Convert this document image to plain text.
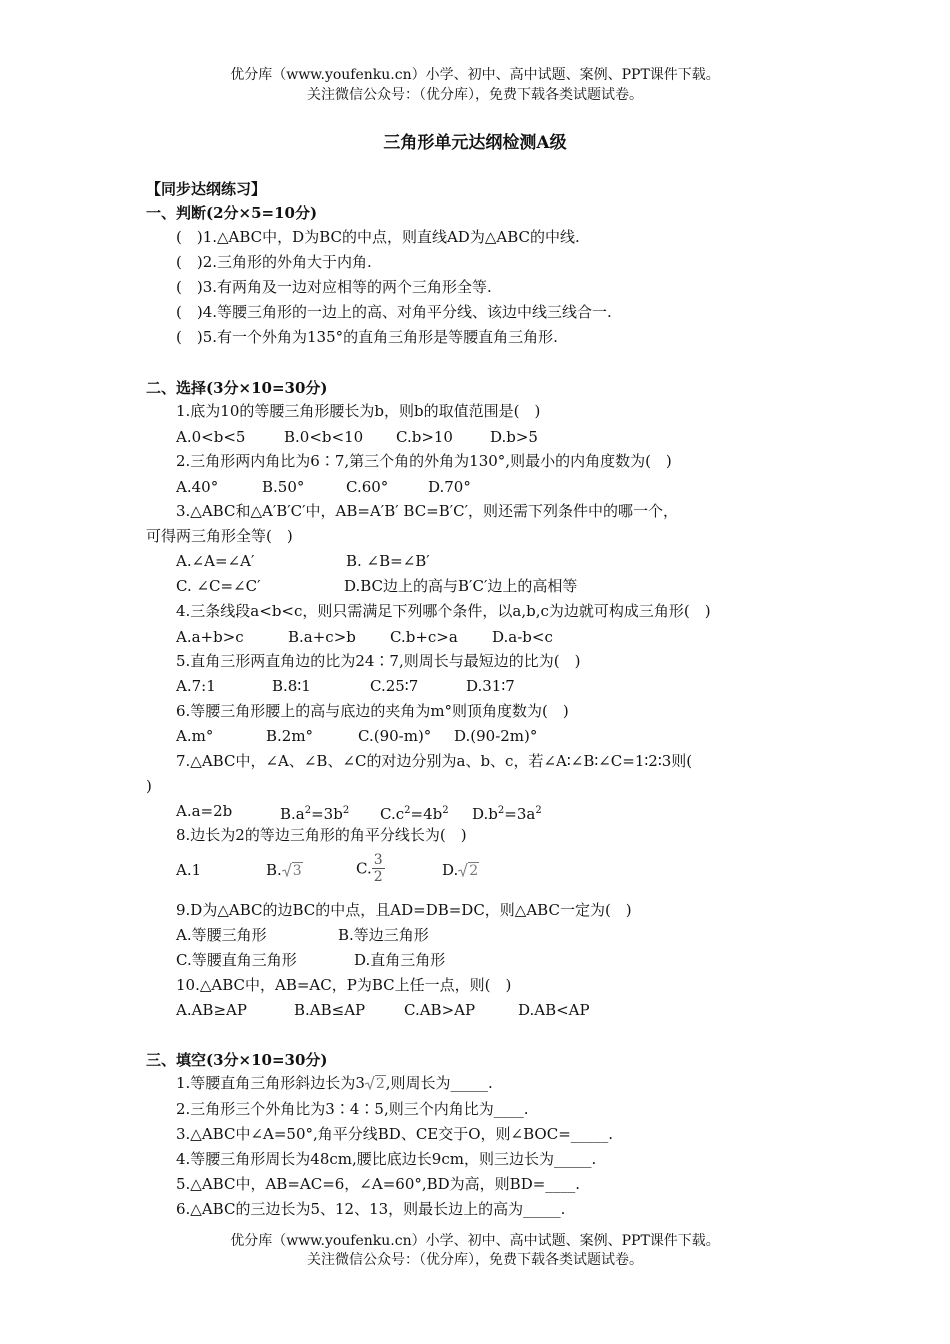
优分库（www.youfenku.cn）小学、初中、高中试题、案例、PPT课件下载。
关注微信公众号：（优分库），免费下载各类试题试卷。
三角形单元达纲检测A级
【同步达纲练习】
一、判断(2分×5=10分)
(　)1.△ABC中，D为BC的中点，则直线AD为△ABC的中线.
(　)2.三角形的外角大于内角.
(　)3.有两角及一边对应相等的两个三角形全等.
(　)4.等腰三角形的一边上的高、对角平分线、该边中线三线合一.
(　)5.有一个外角为135°的直角三角形是等腰直角三角形.
二、选择(3分×10=30分)
1.底为10的等腰三角形腰长为b，则b的取值范围是(　)
A.0<b<5	B.0<b<10 C.b>10 D.b>5
2.三角形两内角比为6∶7,第三个角的外角为130°,则最小的内角度数为(　)
A.40°	B.50°	C.60°	D.70°
3.△ABC和△A′B′C′中，AB=A′B′ BC=B′C′，则还需下列条件中的哪一个，
可得两三角形全等(　)
A.∠A=∠A′	B. ∠B=∠B′
C. ∠C=∠C′	D.BC边上的高与B′C′边上的高相等
4.三条线段a<b<c，则只需满足下列哪个条件，以a,b,c为边就可构成三角形(　)
A.a+b>c	B.a+c>b C.b+c>a D.a-b<c
5.直角三形两直角边的比为24∶7,则周长与最短边的比为(　)
A.7:1	B.8∶1	C.25∶7	D.31∶7
6.等腰三角形腰上的高与底边的夹角为m°则顶角度数为(　)
A.m°	B.2m°	C.(90-m)° D.(90-2m)°
7.△ABC中，∠A、∠B、∠C的对边分别为a、b、c，若∠A∶∠B∶∠C=1∶2∶3则(
)
A.a=2b	$B.a^2=3b^2$ $C.c^2=4b^2$ $D.b^2=3a^2$
8.边长为2的等边三角形的角平分线长为(　)
A.1	B. 3	C. $\frac{3}{2}$	D. 2
9.D为△ABC的边BC的中点，且AD=DB=DC，则△ABC一定为(　)
A.等腰三角形	B.等边三角形
C.等腰直角三角形	D.直角三角形
10.△ABC中，AB=AC，P为BC上任一点，则(　)
A.AB≥AP	B.AB≤AP	C.AB>AP	D.AB<AP
三、填空(3分×10=30分)
1.等腰直角三角形斜边长为3 2,则周长为_____.
2.三角形三个外角比为3∶4∶5,则三个内角比为____.
3.△ABC中∠A=50°,角平分线BD、CE交于O，则∠BOC=_____.
4.等腰三角形周长为48cm,腰比底边长9cm，则三边长为_____.
5.△ABC中，AB=AC=6，∠A=60°,BD为高，则BD=____.
6.△ABC的三边长为5、12、13，则最长边上的高为_____.
优分库（www.youfenku.cn）小学、初中、高中试题、案例、PPT课件下载。
关注微信公众号：（优分库），免费下载各类试题试卷。
